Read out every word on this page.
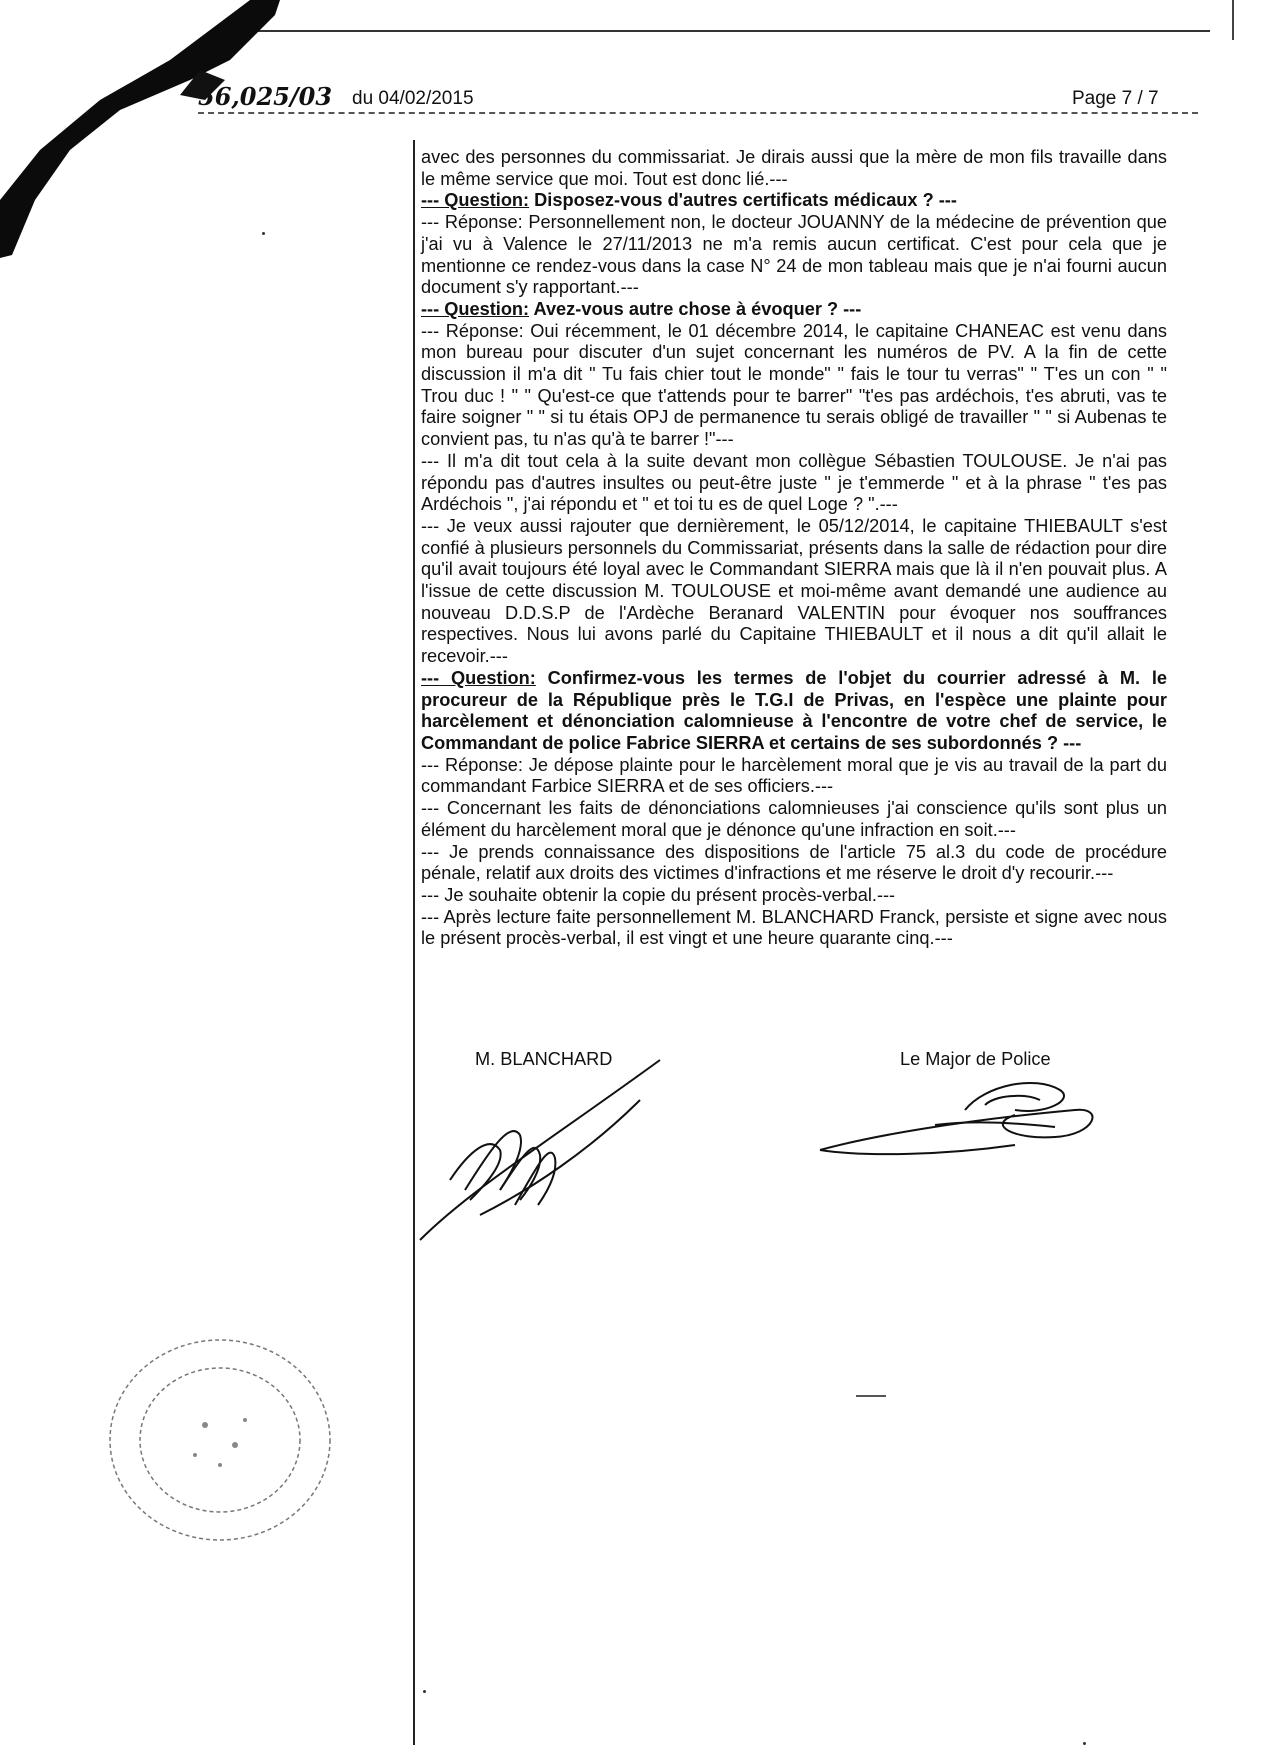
56,025/03 du 04/02/2015	Page 7 / 7

avec des personnes du commissariat. Je dirais aussi que la mère de mon fils travaille dans le même service que moi. Tout est donc lié.---

--- Question: Disposez-vous d'autres certificats médicaux ? ---

--- Réponse: Personnellement non, le docteur JOUANNY de la médecine de prévention que j'ai vu à Valence le 27/11/2013 ne m'a remis aucun certificat. C'est pour cela que je mentionne ce rendez-vous dans la case N° 24 de mon tableau mais que je n'ai fourni aucun document s'y rapportant.---

--- Question: Avez-vous autre chose à évoquer ? ---

--- Réponse: Oui récemment, le 01 décembre 2014, le capitaine CHANEAC est venu dans mon bureau pour discuter d'un sujet concernant les numéros de PV. A la fin de cette discussion il m'a dit " Tu fais chier tout le monde" " fais le tour tu verras" " T'es un con " " Trou duc ! " " Qu'est-ce que t'attends pour te barrer" "t'es pas ardéchois, t'es abruti, vas te faire soigner " " si tu étais OPJ de permanence tu serais obligé de travailler " " si Aubenas te convient pas, tu n'as qu'à te barrer !"---

--- Il m'a dit tout cela à la suite devant mon collègue Sébastien TOULOUSE. Je n'ai pas répondu pas d'autres insultes ou peut-être juste " je t'emmerde " et à la phrase " t'es pas Ardéchois ", j'ai répondu et " et toi tu es de quel Loge ? ".---

--- Je veux aussi rajouter que dernièrement, le 05/12/2014, le capitaine THIEBAULT s'est confié à plusieurs personnels du Commissariat, présents dans la salle de rédaction pour dire qu'il avait toujours été loyal avec le Commandant SIERRA mais que là il n'en pouvait plus. A l'issue de cette discussion M. TOULOUSE et moi-même avant demandé une audience au nouveau D.D.S.P de l'Ardèche Beranard VALENTIN pour évoquer nos souffrances respectives. Nous lui avons parlé du Capitaine THIEBAULT et il nous a dit qu'il allait le recevoir.---

--- Question: Confirmez-vous les termes de l'objet du courrier adressé à M. le procureur de la République près le T.G.I de Privas, en l'espèce une plainte pour harcèlement et dénonciation calomnieuse à l'encontre de votre chef de service, le Commandant de police Fabrice SIERRA et certains de ses subordonnés ? ---

--- Réponse: Je dépose plainte pour le harcèlement moral que je vis au travail de la part du commandant Farbice SIERRA et de ses officiers.---

--- Concernant les faits de dénonciations calomnieuses j'ai conscience qu'ils sont plus un élément du harcèlement moral que je dénonce qu'une infraction en soit.---

--- Je prends connaissance des dispositions de l'article 75 al.3 du code de procédure pénale, relatif aux droits des victimes d'infractions et me réserve le droit d'y recourir.---

--- Je souhaite obtenir la copie du présent procès-verbal.---

--- Après lecture faite personnellement M. BLANCHARD Franck, persiste et signe avec nous le présent procès-verbal, il est vingt et une heure quarante cinq.---

M. BLANCHARD	Le Major de Police
